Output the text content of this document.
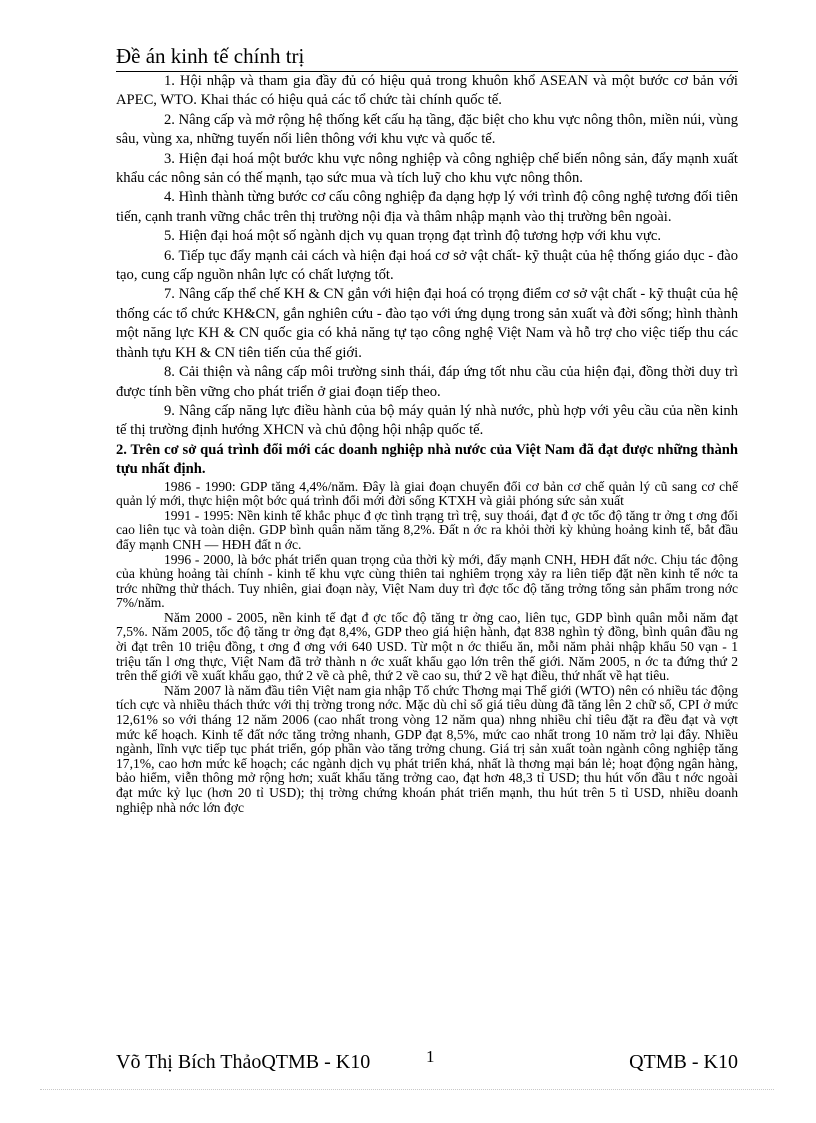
Đề án kinh tế chính trị

1. Hội nhập và tham gia đầy đủ có hiệu quả trong khuôn khổ ASEAN và một bước cơ bản với APEC, WTO. Khai thác có hiệu quả các tổ chức tài chính quốc tế.

2. Nâng cấp và mở rộng hệ thống kết cấu hạ tầng, đặc biệt cho khu vực nông thôn, miền núi, vùng sâu, vùng xa, những tuyến nối liên thông với khu vực và quốc tế.

3. Hiện đại hoá một bước khu vực nông nghiệp và công nghiệp chế biến nông sản, đẩy mạnh xuất khẩu các nông sản có thế mạnh, tạo sức mua và tích luỹ cho khu vực nông thôn.

4. Hình thành từng bước cơ cấu công nghiệp đa dạng hợp lý với trình độ công nghệ tương đối tiên tiến, cạnh tranh vững chắc trên thị trường nội địa và thâm nhập mạnh vào thị trường bên ngoài.

5. Hiện đại hoá một số ngành dịch vụ quan trọng đạt trình độ tương hợp với khu vực.

6. Tiếp tục đẩy mạnh cải cách và hiện đại hoá cơ sở vật chất- kỹ thuật của hệ thống giáo dục - đào tạo, cung cấp nguồn nhân lực có chất lượng tốt.

7. Nâng cấp thể chế KH & CN gắn với hiện đại hoá có trọng điểm cơ sở vật chất - kỹ thuật của hệ thống các tổ chức KH&CN, gắn nghiên cứu - đào tạo với ứng dụng trong sản xuất và đời sống; hình thành một năng lực KH & CN quốc gia có khả năng tự tạo công nghệ Việt Nam và hỗ trợ cho việc tiếp thu các thành tựu KH & CN tiên tiến của thế giới.

8. Cải thiện và nâng cấp môi trường sinh thái, đáp ứng tốt nhu cầu của hiện đại, đồng thời duy trì được tính bền vững cho phát triển ở giai đoạn tiếp theo.

9. Nâng cấp năng lực điều hành của bộ máy quản lý nhà nước, phù hợp với yêu cầu của nền kinh tế thị trường định hướng XHCN và chủ động hội nhập quốc tế.

2. Trên cơ sở quá trình đổi mới các doanh nghiệp nhà nước của Việt Nam đã đạt được những thành tựu nhất định.

1986 - 1990: GDP tăng 4,4%/năm. Đây là giai đoạn chuyển đổi cơ bản cơ chế quản lý cũ sang cơ chế quản lý mới, thực hiện một bớc quá trình đổi mới đời sống KTXH và giải phóng sức sản xuất

1991 - 1995: Nền kinh tế khắc phục đ ợc tình trạng trì trệ, suy thoái, đạt đ ợc tốc độ tăng tr ởng t ơng đối cao liên tục và toàn diện. GDP bình quân năm tăng 8,2%. Đất n ớc ra khỏi thời kỳ khủng hoảng kinh tế, bắt đầu đẩy mạnh CNH — HĐH đất n ớc.

1996 - 2000, là bớc phát triển quan trọng của thời kỳ mới, đẩy mạnh CNH, HĐH đất nớc. Chịu tác động của khủng hoảng tài chính - kinh tế khu vực cùng thiên tai nghiêm trọng xảy ra liên tiếp đặt nền kinh tế nớc ta trớc những thử thách. Tuy nhiên, giai đoạn này, Việt Nam duy trì đợc tốc độ tăng trởng tổng sản phẩm trong nớc 7%/năm.

Năm 2000 - 2005, nền kinh tế đạt đ ợc tốc độ tăng tr ởng cao, liên tục, GDP bình quân mỗi năm đạt 7,5%. Năm 2005, tốc độ tăng tr ởng đạt 8,4%, GDP theo giá hiện hành, đạt 838 nghìn tỷ đồng, bình quân đầu ng ời đạt trên 10 triệu đồng, t ơng đ ơng với 640 USD. Từ một n ớc thiếu ăn, mỗi năm phải nhập khẩu 50 vạn - 1 triệu tấn l ơng thực, Việt Nam đã trở thành n ớc xuất khẩu gạo lớn trên thế giới. Năm 2005, n ớc ta đứng thứ 2 trên thế giới về xuất khẩu gạo, thứ 2 về cà phê, thứ 2 về cao su, thứ 2 về hạt điều, thứ nhất về hạt tiêu.

Năm 2007 là năm đầu tiên Việt nam gia nhập Tổ chức Thơng mại Thế giới (WTO) nên có nhiều tác động tích cực và nhiều thách thức với thị trờng trong nớc. Mặc dù chỉ số giá tiêu dùng đã tăng lên 2 chữ số, CPI ở mức 12,61% so với tháng 12 năm 2006 (cao nhất trong vòng 12 năm qua) nhng nhiều chỉ tiêu đặt ra đều đạt và vợt mức kế hoạch. Kinh tế đất nớc tăng trởng nhanh, GDP đạt 8,5%, mức cao nhất trong 10 năm trở lại đây. Nhiều ngành, lĩnh vực tiếp tục phát triển, góp phần vào tăng trởng chung. Giá trị sản xuất toàn ngành công nghiệp tăng 17,1%, cao hơn mức kế hoạch; các ngành dịch vụ phát triển khá, nhất là thơng mại bán lẻ; hoạt động ngân hàng, bảo hiểm, viễn thông mở rộng hơn; xuất khẩu tăng trởng cao, đạt hơn 48,3 tỉ USD; thu hút vốn đầu t nớc ngoài đạt mức kỷ lục (hơn 20 tỉ USD); thị trờng chứng khoán phát triển mạnh, thu hút trên 5 tỉ USD, nhiều doanh nghiệp nhà nớc lớn đợc

Võ Thị Bích ThảoQTMB - K10	1	QTMB - K10
